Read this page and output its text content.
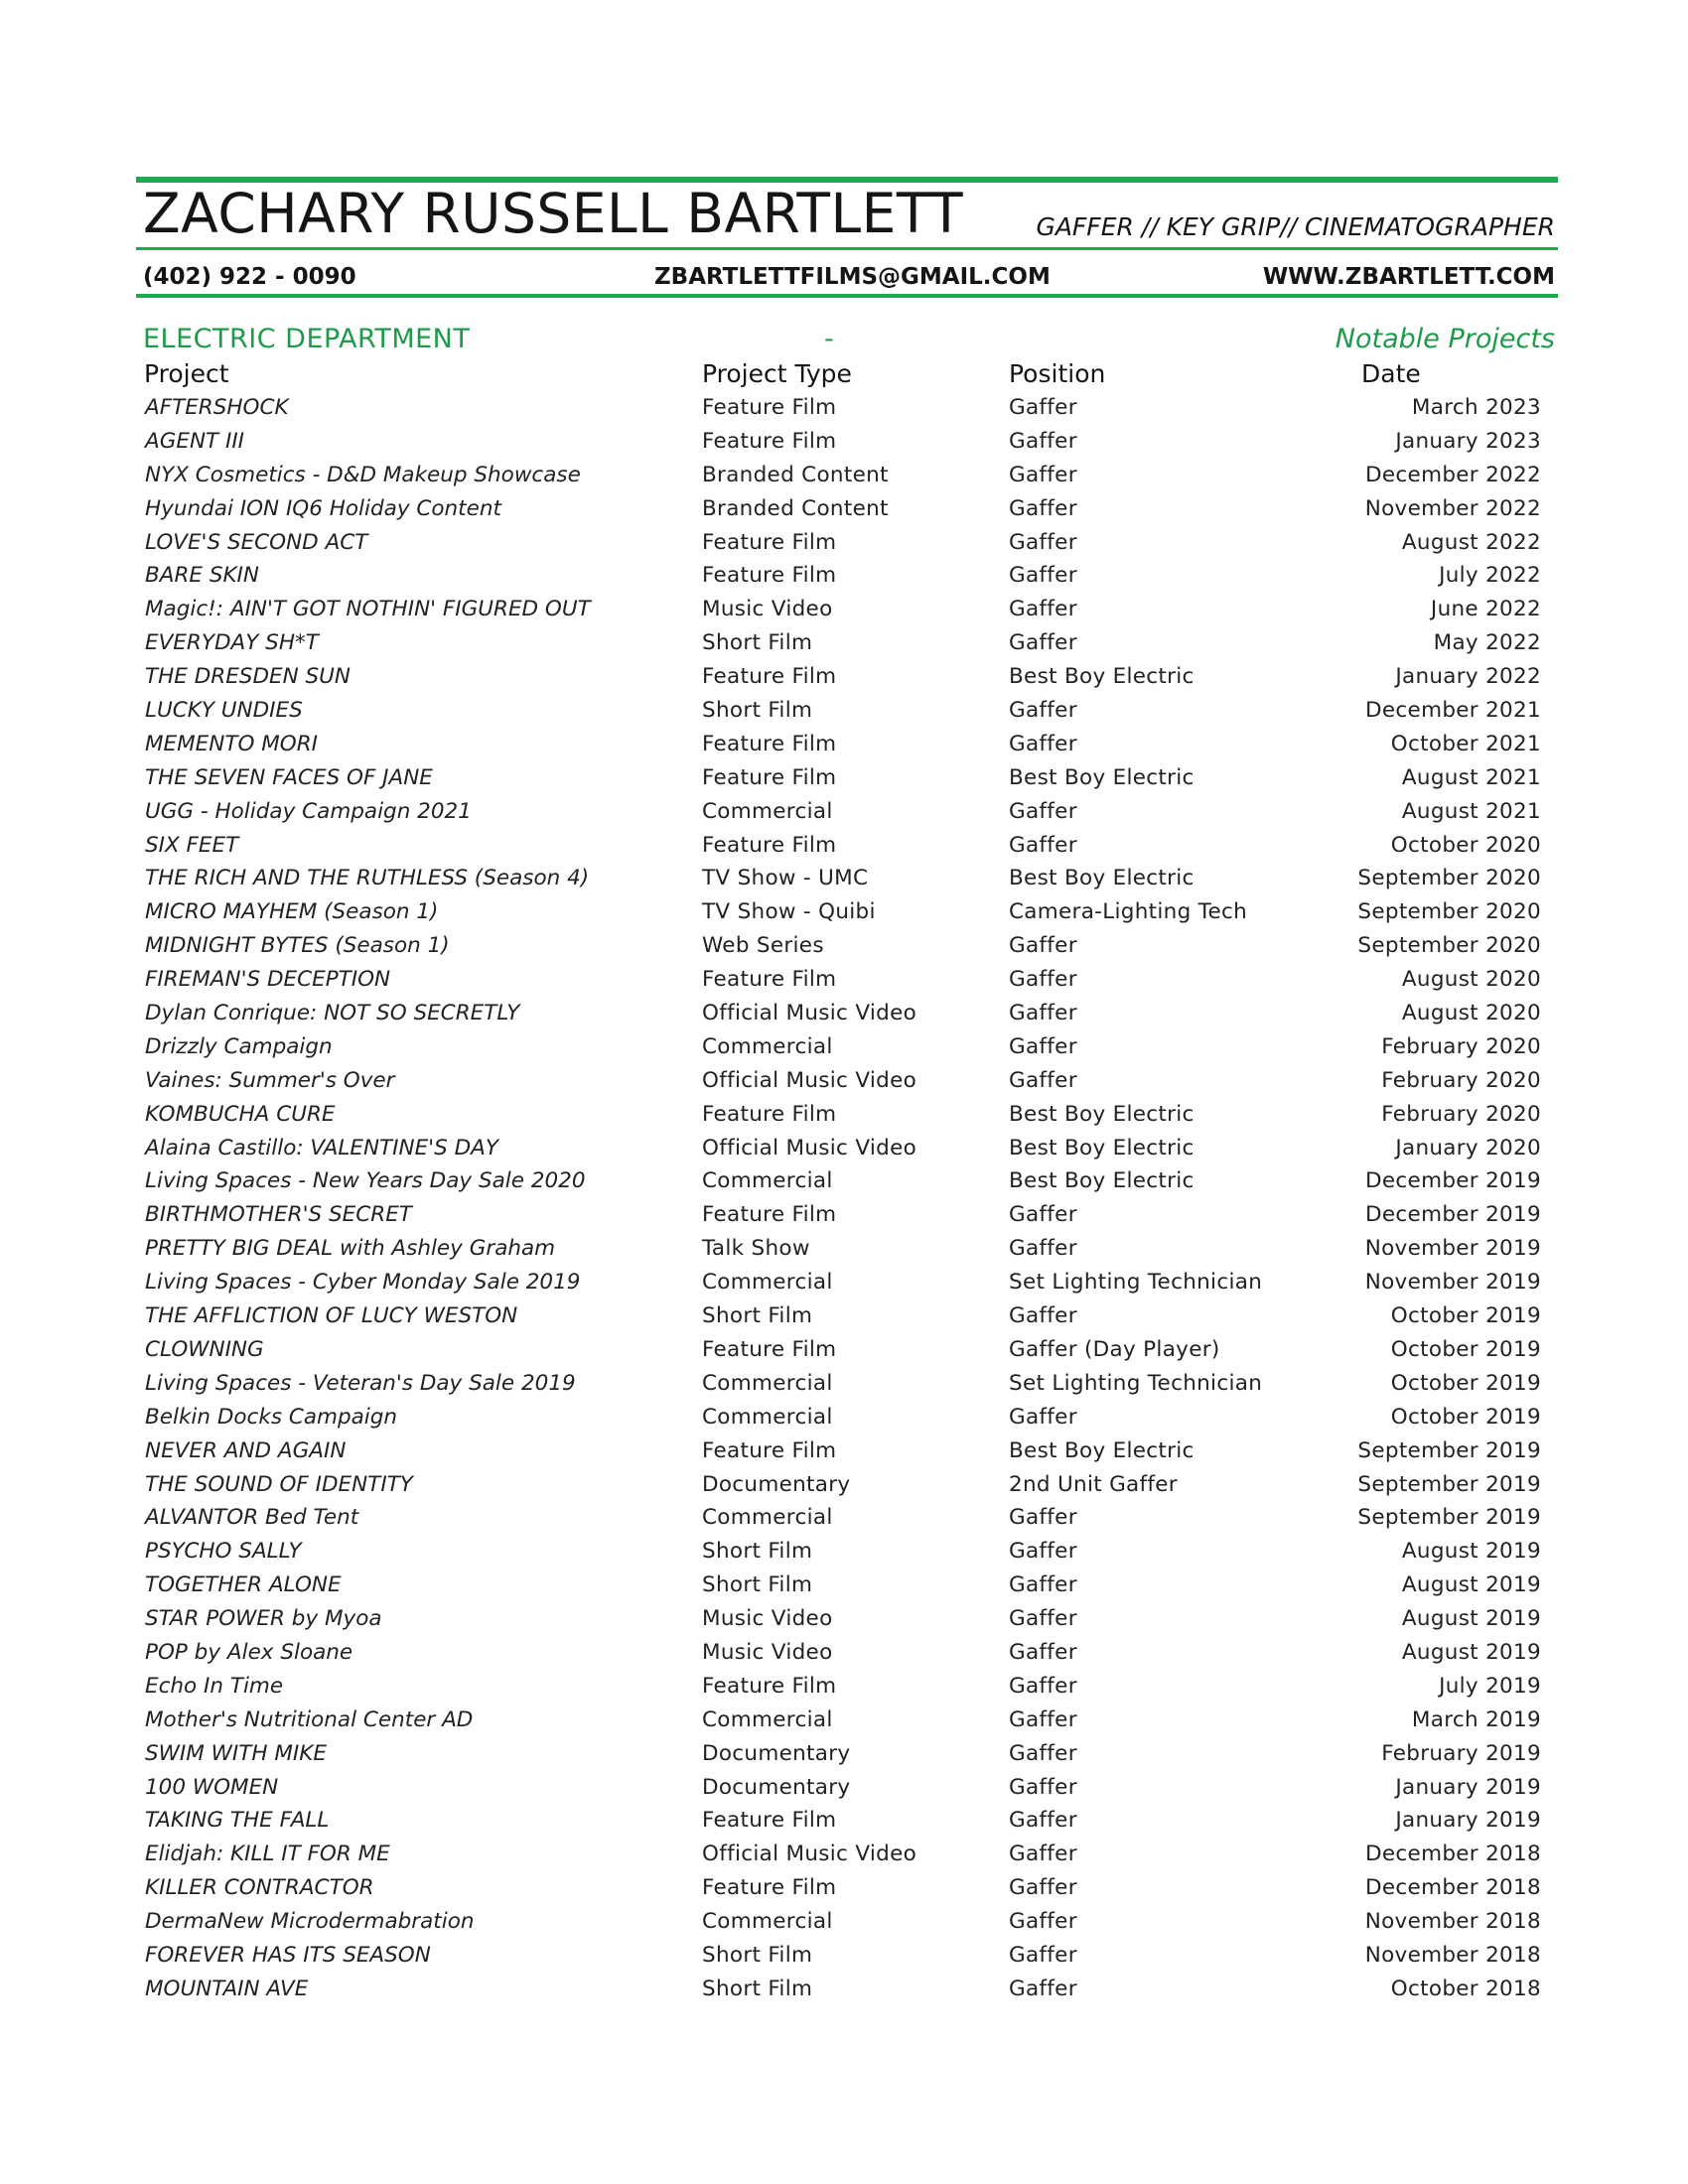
ZACHARY RUSSELL BARTLETT	GAFFER // KEY GRIP// CINEMATOGRAPHER
(402) 922 - 0090	ZBARTLETTFILMS@GMAIL.COM	WWW.ZBARTLETT.COM
ELECTRIC DEPARTMENT	-	Notable Projects
Project	Project Type	Position	Date
AFTERSHOCK	Feature Film	Gaffer	March 2023
AGENT III	Feature Film	Gaffer	January 2023
NYX Cosmetics - D&D Makeup Showcase	Branded Content	Gaffer	December 2022
Hyundai ION IQ6 Holiday Content	Branded Content	Gaffer	November 2022
LOVE'S SECOND ACT	Feature Film	Gaffer	August 2022
BARE SKIN	Feature Film	Gaffer	July 2022
Magic!: AIN'T GOT NOTHIN' FIGURED OUT	Music Video	Gaffer	June 2022
EVERYDAY SH*T	Short Film	Gaffer	May 2022
THE DRESDEN SUN	Feature Film	Best Boy Electric	January 2022
LUCKY UNDIES	Short Film	Gaffer	December 2021
MEMENTO MORI	Feature Film	Gaffer	October 2021
THE SEVEN FACES OF JANE	Feature Film	Best Boy Electric	August 2021
UGG - Holiday Campaign 2021	Commercial	Gaffer	August 2021
SIX FEET	Feature Film	Gaffer	October 2020
THE RICH AND THE RUTHLESS (Season 4)	TV Show - UMC	Best Boy Electric	September 2020
MICRO MAYHEM (Season 1)	TV Show - Quibi	Camera-Lighting Tech	September 2020
MIDNIGHT BYTES (Season 1)	Web Series	Gaffer	September 2020
FIREMAN'S DECEPTION	Feature Film	Gaffer	August 2020
Dylan Conrique: NOT SO SECRETLY	Official Music Video	Gaffer	August 2020
Drizzly Campaign	Commercial	Gaffer	February 2020
Vaines: Summer's Over	Official Music Video	Gaffer	February 2020
KOMBUCHA CURE	Feature Film	Best Boy Electric	February 2020
Alaina Castillo: VALENTINE'S DAY	Official Music Video	Best Boy Electric	January 2020
Living Spaces - New Years Day Sale 2020	Commercial	Best Boy Electric	December 2019
BIRTHMOTHER'S SECRET	Feature Film	Gaffer	December 2019
PRETTY BIG DEAL with Ashley Graham	Talk Show	Gaffer	November 2019
Living Spaces - Cyber Monday Sale 2019	Commercial	Set Lighting Technician	November 2019
THE AFFLICTION OF LUCY WESTON	Short Film	Gaffer	October 2019
CLOWNING	Feature Film	Gaffer (Day Player)	October 2019
Living Spaces - Veteran's Day Sale 2019	Commercial	Set Lighting Technician	October 2019
Belkin Docks Campaign	Commercial	Gaffer	October 2019
NEVER AND AGAIN	Feature Film	Best Boy Electric	September 2019
THE SOUND OF IDENTITY	Documentary	2nd Unit Gaffer	September 2019
ALVANTOR Bed Tent	Commercial	Gaffer	September 2019
PSYCHO SALLY	Short Film	Gaffer	August 2019
TOGETHER ALONE	Short Film	Gaffer	August 2019
STAR POWER by Myoa	Music Video	Gaffer	August 2019
POP by Alex Sloane	Music Video	Gaffer	August 2019
Echo In Time	Feature Film	Gaffer	July 2019
Mother's Nutritional Center AD	Commercial	Gaffer	March 2019
SWIM WITH MIKE	Documentary	Gaffer	February 2019
100 WOMEN	Documentary	Gaffer	January 2019
TAKING THE FALL	Feature Film	Gaffer	January 2019
Elidjah: KILL IT FOR ME	Official Music Video	Gaffer	December 2018
KILLER CONTRACTOR	Feature Film	Gaffer	December 2018
DermaNew Microdermabration	Commercial	Gaffer	November 2018
FOREVER HAS ITS SEASON	Short Film	Gaffer	November 2018
MOUNTAIN AVE	Short Film	Gaffer	October 2018
